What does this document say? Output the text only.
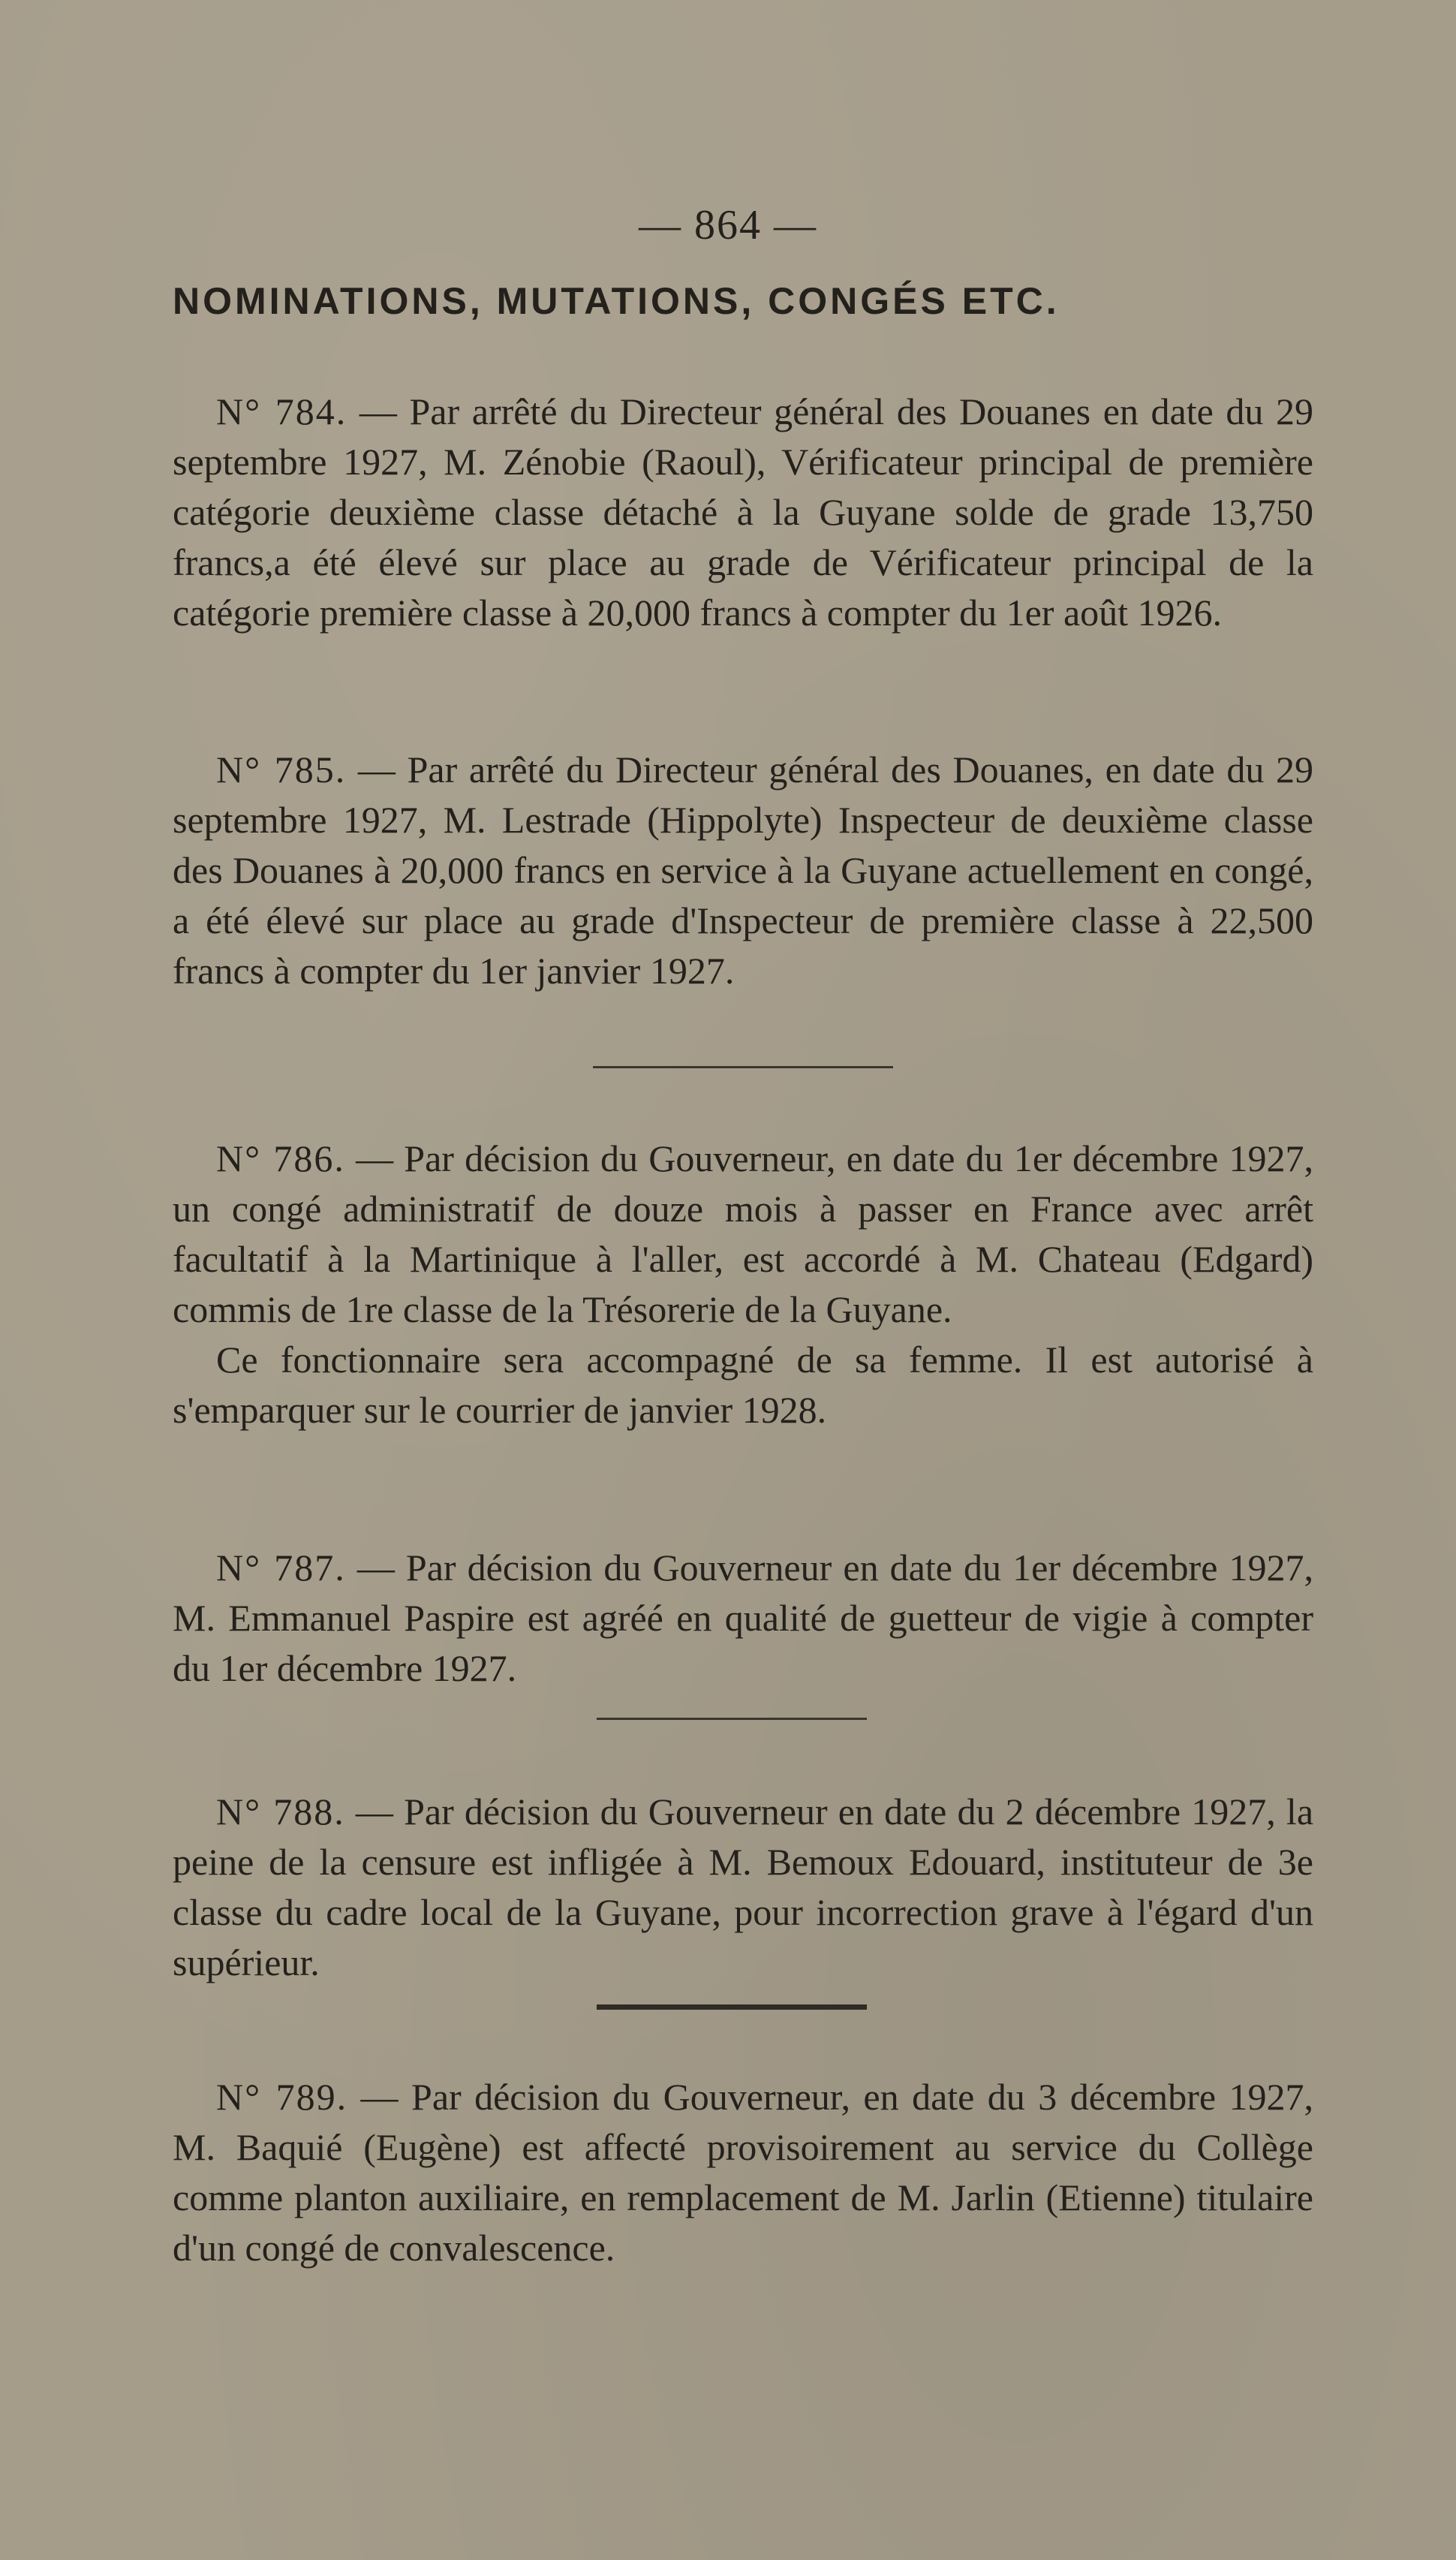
— 864 —
NOMINATIONS, MUTATIONS, CONGÉS ETC.

N° 784. — Par arrêté du Directeur général des Douanes en date du 29 septembre 1927, M. Zénobie (Raoul), Vérificateur principal de première catégorie deuxième classe détaché à la Guyane solde de grade 13,750 francs,a été élevé sur place au grade de Vérificateur principal de la catégorie première classe à 20,000 francs à compter du 1er août 1926.

N° 785. — Par arrêté du Directeur général des Douanes, en date du 29 septembre 1927, M. Lestrade (Hippolyte) Inspecteur de deuxième classe des Douanes à 20,000 francs en service à la Guyane actuellement en congé, a été élevé sur place au grade d'Inspecteur de première classe à 22,500 francs à compter du 1er janvier 1927.

N° 786. — Par décision du Gouverneur, en date du 1er décembre 1927, un congé administratif de douze mois à passer en France avec arrêt facultatif à la Martinique à l'aller, est accordé à M. Chateau (Edgard) commis de 1re classe de la Trésorerie de la Guyane.

Ce fonctionnaire sera accompagné de sa femme. Il est autorisé à s'emparquer sur le courrier de janvier 1928.

N° 787. — Par décision du Gouverneur en date du 1er décembre 1927, M. Emmanuel Paspire est agréé en qualité de guetteur de vigie à compter du 1er décembre 1927.

N° 788. — Par décision du Gouverneur en date du 2 décembre 1927, la peine de la censure est infligée à M. Bemoux Edouard, instituteur de 3e classe du cadre local de la Guyane, pour incorrection grave à l'égard d'un supérieur.

N° 789. — Par décision du Gouverneur, en date du 3 décembre 1927, M. Baquié (Eugène) est affecté provisoirement au service du Collège comme planton auxiliaire, en remplacement de M. Jarlin (Etienne) titulaire d'un congé de convalescence.
